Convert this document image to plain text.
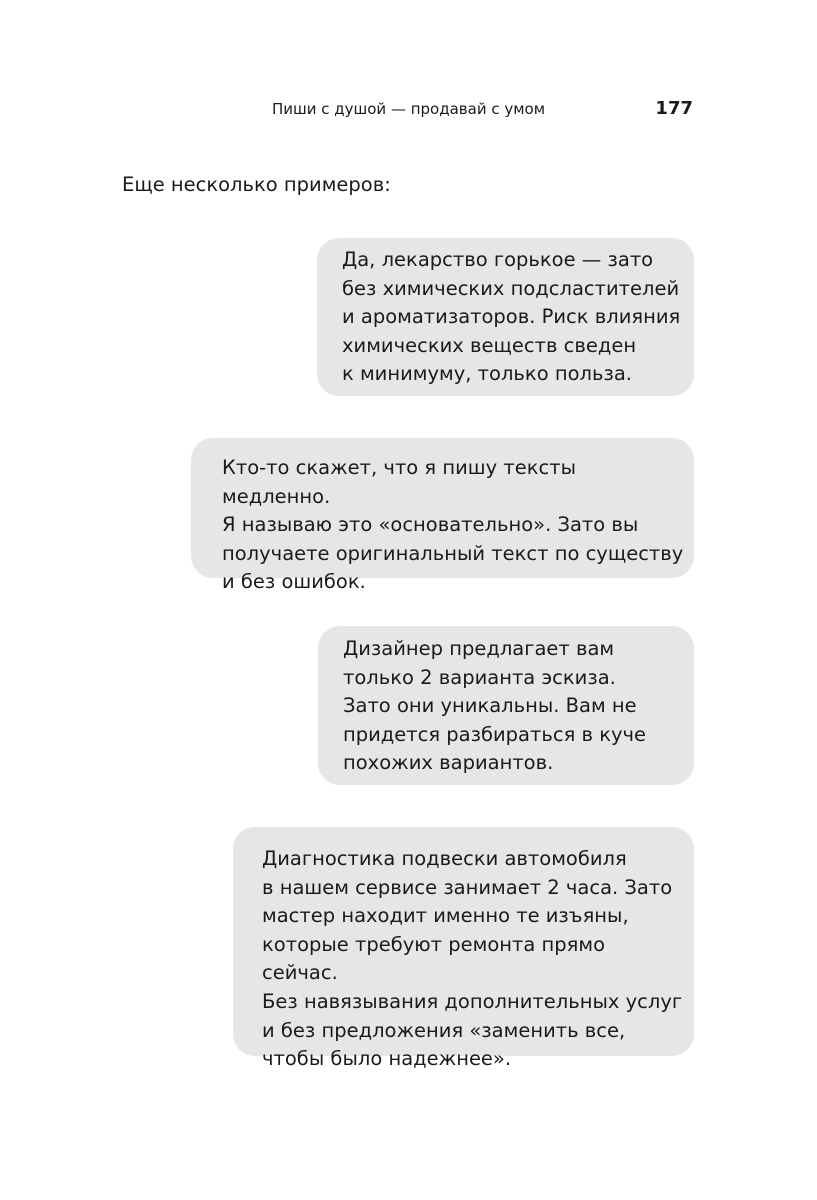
Пиши с душой — продавай с умом	177
Еще несколько примеров:
Да, лекарство горькое — зато
без химических подсластителей
и ароматизаторов. Риск влияния
химических веществ сведен
к минимуму, только польза.
Кто-то скажет, что я пишу тексты медленно.
Я называю это «основательно». Зато вы
получаете оригинальный текст по существу
и без ошибок.
Дизайнер предлагает вам
только 2 варианта эскиза.
Зато они уникальны. Вам не
придется разбираться в куче
похожих вариантов.
Диагностика подвески автомобиля
в нашем сервисе занимает 2 часа. Зато
мастер находит именно те изъяны,
которые требуют ремонта прямо сейчас.
Без навязывания дополнительных услуг
и без предложения «заменить все,
чтобы было надежнее».
